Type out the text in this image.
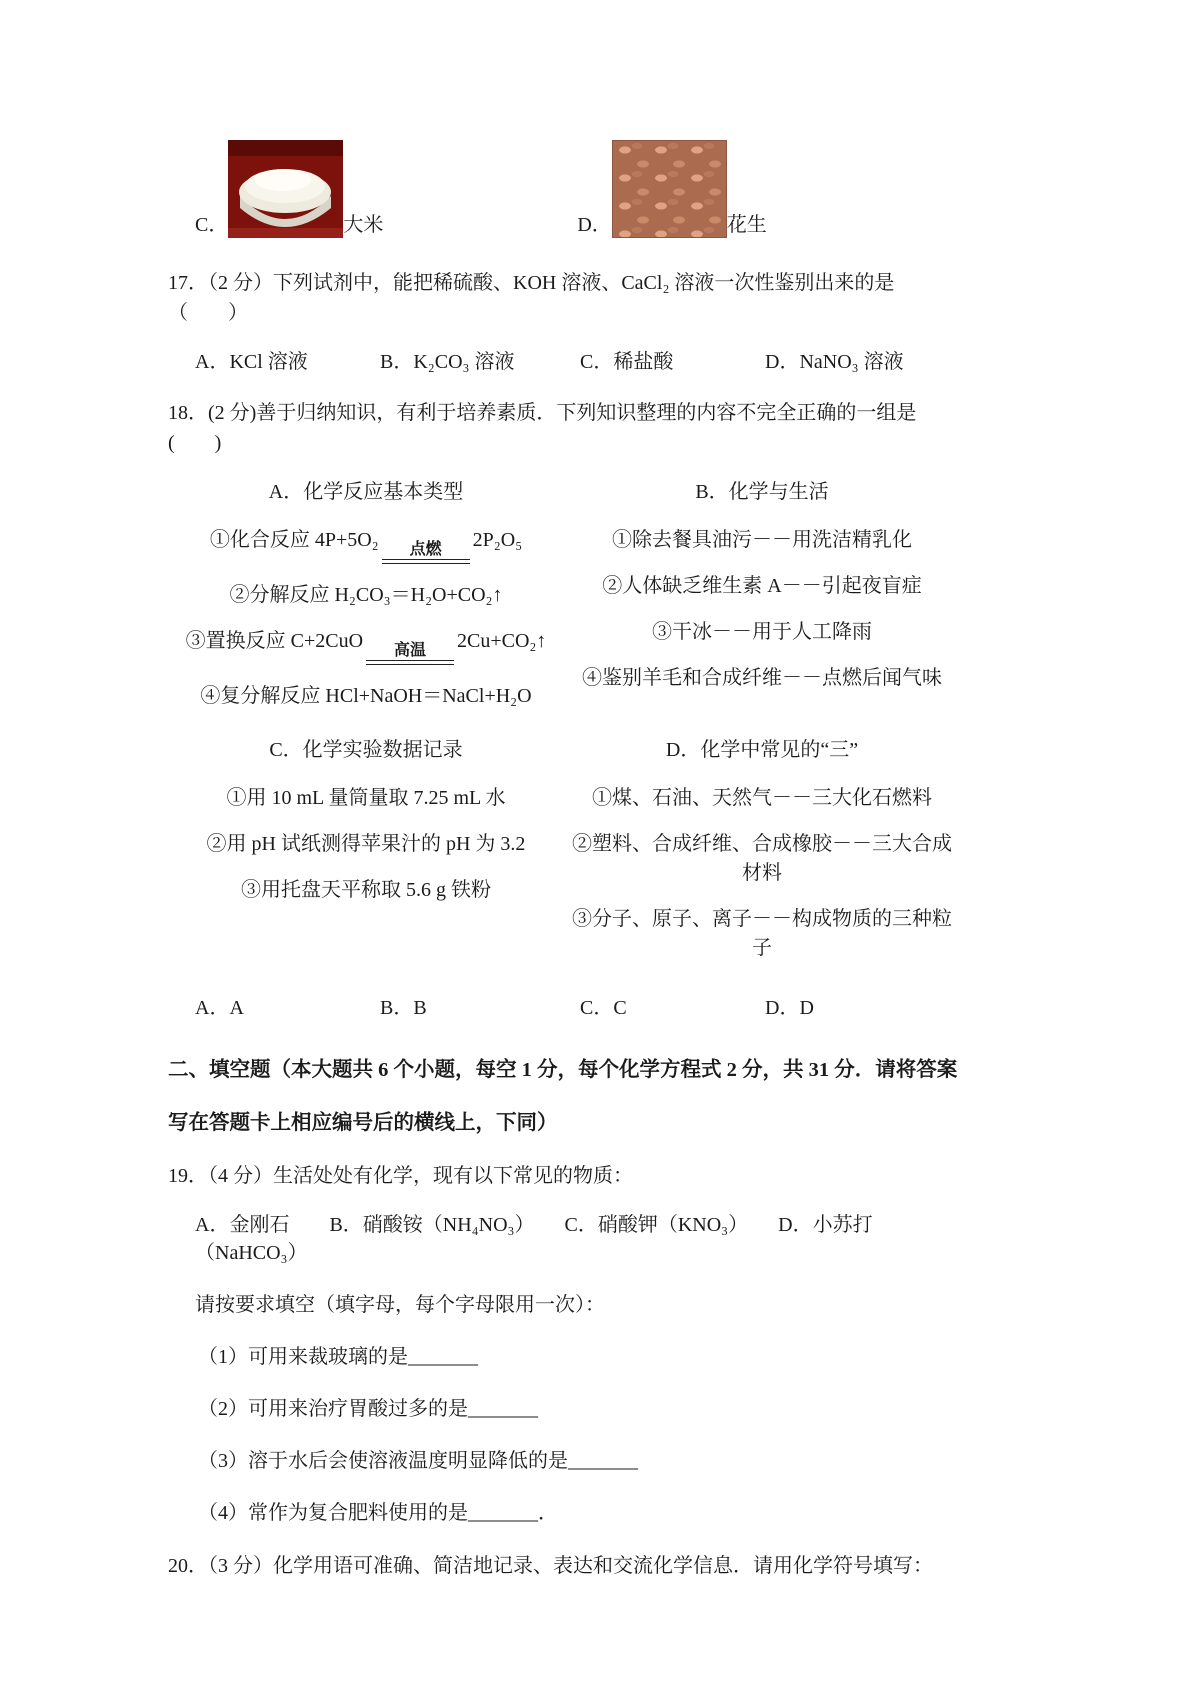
C．	大米	D．	花生

17．（2 分）下列试剂中，能把稀硫酸、KOH 溶液、CaCl₂ 溶液一次性鉴别出来的是（　　）

A．KCl 溶液	B．K₂CO₃ 溶液	C．稀盐酸	D．NaNO₃ 溶液

18．(2 分)善于归纳知识，有利于培养素质．下列知识整理的内容不完全正确的一组是(　　)

A．化学反应基本类型

①化合反应 4P+5O₂ 点燃 2P₂O₅

②分解反应 H₂CO₃＝H₂O+CO₂↑

③置换反应 C+2CuO 高温 2Cu+CO₂↑

④复分解反应 HCl+NaOH＝NaCl+H₂O

B．化学与生活

①除去餐具油污－－用洗洁精乳化

②人体缺乏维生素 A－－引起夜盲症

③干冰－－用于人工降雨

④鉴别羊毛和合成纤维－－点燃后闻气味

C．化学实验数据记录

①用 10 mL 量筒量取 7.25 mL 水

②用 pH 试纸测得苹果汁的 pH 为 3.2

③用托盘天平称取 5.6 g 铁粉

D．化学中常见的“三”

①煤、石油、天然气－－三大化石燃料

②塑料、合成纤维、合成橡胶－－三大合成材料

③分子、原子、离子－－构成物质的三种粒子

A．A	B．B	C．C	D．D

二、填空题（本大题共 6 个小题，每空 1 分，每个化学方程式 2 分，共 31 分．请将答案写在答题卡上相应编号后的横线上，下同）

19．（4 分）生活处处有化学，现有以下常见的物质：

A．金刚石　　B．硝酸铵（NH₄NO₃）　　C．硝酸钾（KNO₃）　　D．小苏打（NaHCO₃）

请按要求填空（填字母，每个字母限用一次）：

（1）可用来裁玻璃的是_______

（2）可用来治疗胃酸过多的是_______

（3）溶于水后会使溶液温度明显降低的是_______

（4）常作为复合肥料使用的是_______．

20．（3 分）化学用语可准确、简洁地记录、表达和交流化学信息．请用化学符号填写：
